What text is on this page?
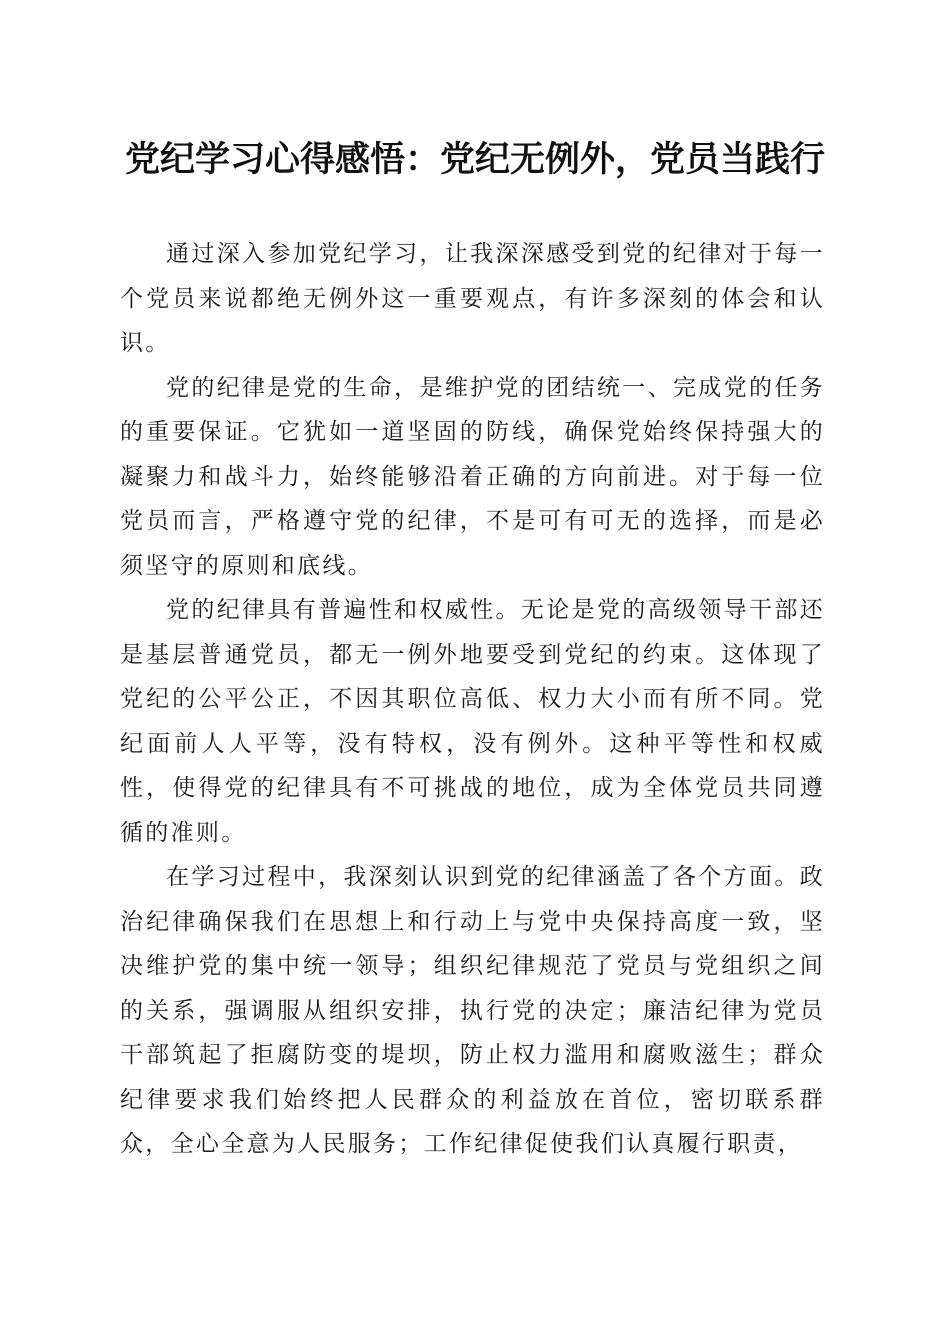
党纪学习心得感悟：党纪无例外，党员当践行

通过深入参加党纪学习，让我深深感受到党的纪律对于每一个党员来说都绝无例外这一重要观点，有许多深刻的体会和认识。

党的纪律是党的生命，是维护党的团结统一、完成党的任务的重要保证。它犹如一道坚固的防线，确保党始终保持强大的凝聚力和战斗力，始终能够沿着正确的方向前进。对于每一位党员而言，严格遵守党的纪律，不是可有可无的选择，而是必须坚守的原则和底线。

党的纪律具有普遍性和权威性。无论是党的高级领导干部还是基层普通党员，都无一例外地要受到党纪的约束。这体现了党纪的公平公正，不因其职位高低、权力大小而有所不同。党纪面前人人平等，没有特权，没有例外。这种平等性和权威性，使得党的纪律具有不可挑战的地位，成为全体党员共同遵循的准则。

在学习过程中，我深刻认识到党的纪律涵盖了各个方面。政治纪律确保我们在思想上和行动上与党中央保持高度一致，坚决维护党的集中统一领导；组织纪律规范了党员与党组织之间的关系，强调服从组织安排，执行党的决定；廉洁纪律为党员干部筑起了拒腐防变的堤坝，防止权力滥用和腐败滋生；群众纪律要求我们始终把人民群众的利益放在首位，密切联系群众，全心全意为人民服务；工作纪律促使我们认真履行职责，
